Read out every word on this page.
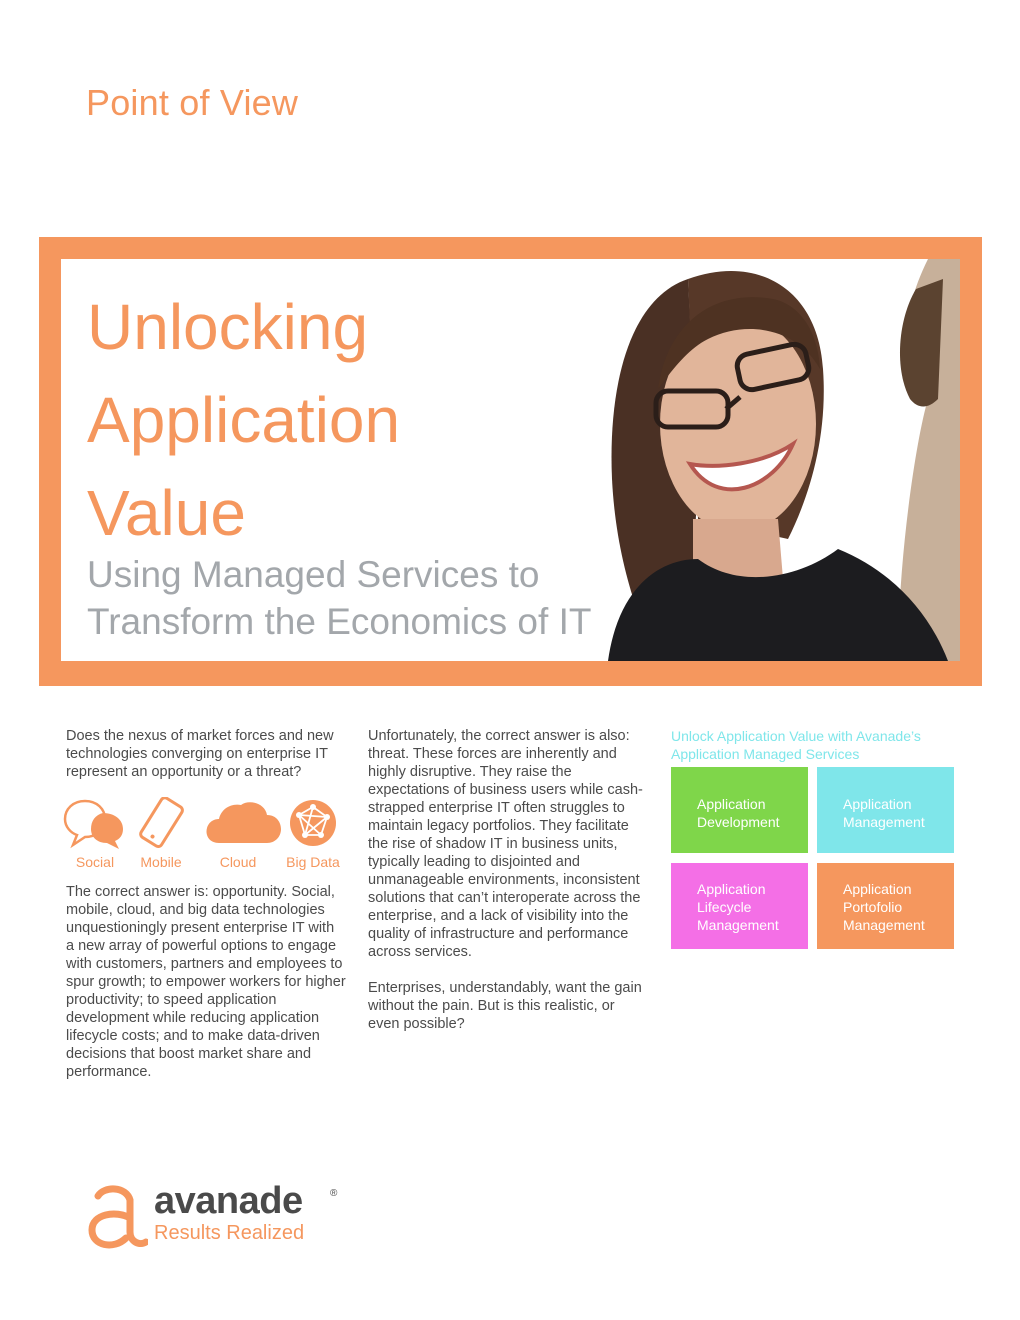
Point of View
Unlocking
Application
Value
Using Managed Services to
Transform the Economics of IT

Does the nexus of market forces and new technologies converging on enterprise IT represent an opportunity or a threat?

Social	Mobile	Cloud	Big Data

The correct answer is: opportunity. Social, mobile, cloud, and big data technologies unquestioningly present enterprise IT with a new array of powerful options to engage with customers, partners and employees to spur growth; to empower workers for higher productivity; to speed application development while reducing application lifecycle costs; and to make data-driven decisions that boost market share and performance.

Unfortunately, the correct answer is also: threat. These forces are inherently and highly disruptive. They raise the expectations of business users while cash-strapped enterprise IT often struggles to maintain legacy portfolios. They facilitate the rise of shadow IT in business units, typically leading to disjointed and unmanageable environments, inconsistent solutions that can’t interoperate across the enterprise, and a lack of visibility into the quality of infrastructure and performance across services.

Enterprises, understandably, want the gain without the pain. But is this realistic, or even possible?

Unlock Application Value with Avanade’s Application Managed Services
Application
Development
Application
Management
Application
Lifecycle
Management
Application
Portofolio
Management
avanade	®
Results Realized
